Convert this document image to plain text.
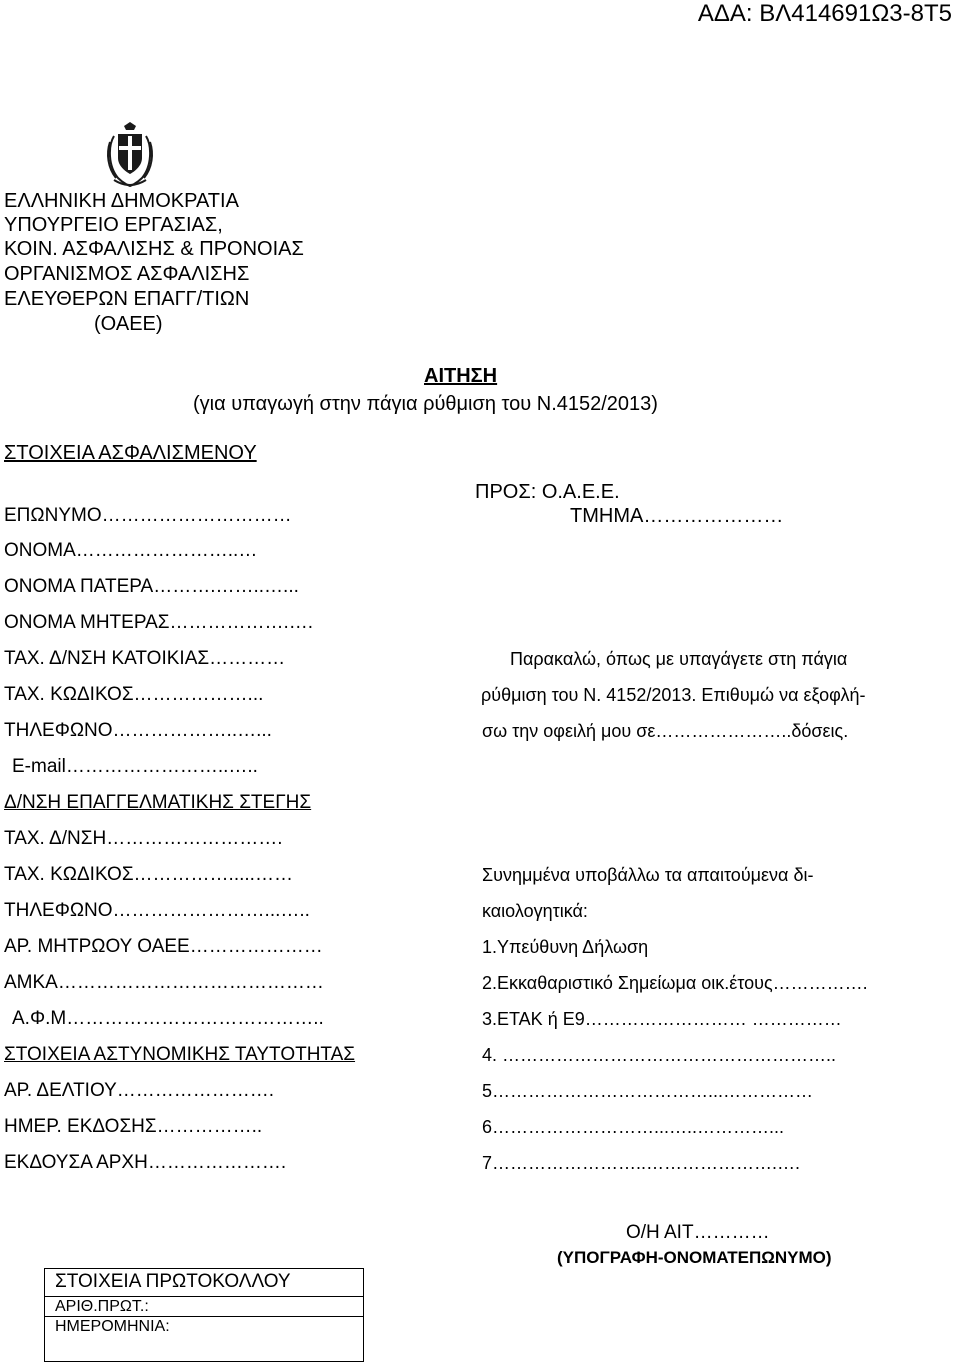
ΑΔΑ: ΒΛ414691Ω3-8Τ5
ΕΛΛΗΝΙΚΗ ΔΗΜΟΚΡΑΤΙΑ
ΥΠΟΥΡΓΕΙΟ ΕΡΓΑΣΙΑΣ,
ΚΟΙΝ. ΑΣΦΑΛΙΣΗΣ & ΠΡΟΝΟΙΑΣ
ΟΡΓΑΝΙΣΜΟΣ ΑΣΦΑΛΙΣΗΣ
ΕΛΕΥΘΕΡΩΝ ΕΠΑΓΓ/ΤΙΩΝ
(ΟΑΕΕ)
ΑΙΤΗΣΗ
(για υπαγωγή στην πάγια ρύθμιση του Ν.4152/2013)
ΣΤΟΙΧΕΙΑ ΑΣΦΑΛΙΣΜΕΝΟΥ
ΠΡΟΣ: Ο.Α.Ε.Ε.
ΤΜΗΜΑ…………………
ΕΠΩΝΥΜΟ…………………………
ΟΝΟΜΑ……………………..…
ΟΝΟΜΑ ΠΑΤΕΡΑ……….……..…...
ΟΝΟΜΑ ΜΗΤΕΡΑΣ……………….….
ΤΑΧ. Δ/ΝΣΗ ΚΑΤΟΙΚΙΑΣ…………
ΤΑΧ. ΚΩΔΙΚΟΣ………………...
ΤΗΛΕΦΩΝΟ………………..…...
E-mail……………………..…..
Παρακαλώ, όπως με υπαγάγετε στη πάγια
ρύθμιση του Ν. 4152/2013. Επιθυμώ να εξοφλή-
σω την οφειλή μου σε…………………..δόσεις.
Δ/ΝΣΗ ΕΠΑΓΓΕΛΜΑΤΙΚΗΣ ΣΤΕΓΗΣ
ΤΑΧ. Δ/ΝΣΗ……………………….
ΤΑΧ. ΚΩΔΙΚΟΣ…………….....……
ΤΗΛΕΦΩΝΟ……………………...…..
ΑΡ. ΜΗΤΡΩΟΥ ΟΑΕΕ…………………
ΑΜΚΑ……………………………………
Α.Φ.Μ…………………………………..
ΣΤΟΙΧΕΙΑ ΑΣΤΥΝΟΜΙΚΗΣ ΤΑΥΤΟΤΗΤΑΣ
ΑΡ. ΔΕΛΤΙΟΥ…………………….
ΗΜΕΡ. ΕΚΔΟΣΗΣ……………..
ΕΚΔΟΥΣΑ ΑΡΧΗ………………….
Συνημμένα υποβάλλω τα απαιτούμενα δι-
καιολογητικά:
1.Υπεύθυνη Δήλωση
2.Εκκαθαριστικό Σημείωμα οικ.έτους…………….
3.ΕΤΑΚ ή Ε9……………………… ……………
4. ………………………………………………..
5………………………………...……………
6………………………...…..…………...
7……………………..………………….….
Ο/Η ΑΙΤ…………
(ΥΠΟΓΡΑΦΗ-ΟΝΟΜΑΤΕΠΩΝΥΜΟ)
ΣΤΟΙΧΕΙΑ ΠΡΩΤΟΚΟΛΛΟΥ
ΑΡΙΘ.ΠΡΩΤ.:
ΗΜΕΡΟΜΗΝΙΑ:
